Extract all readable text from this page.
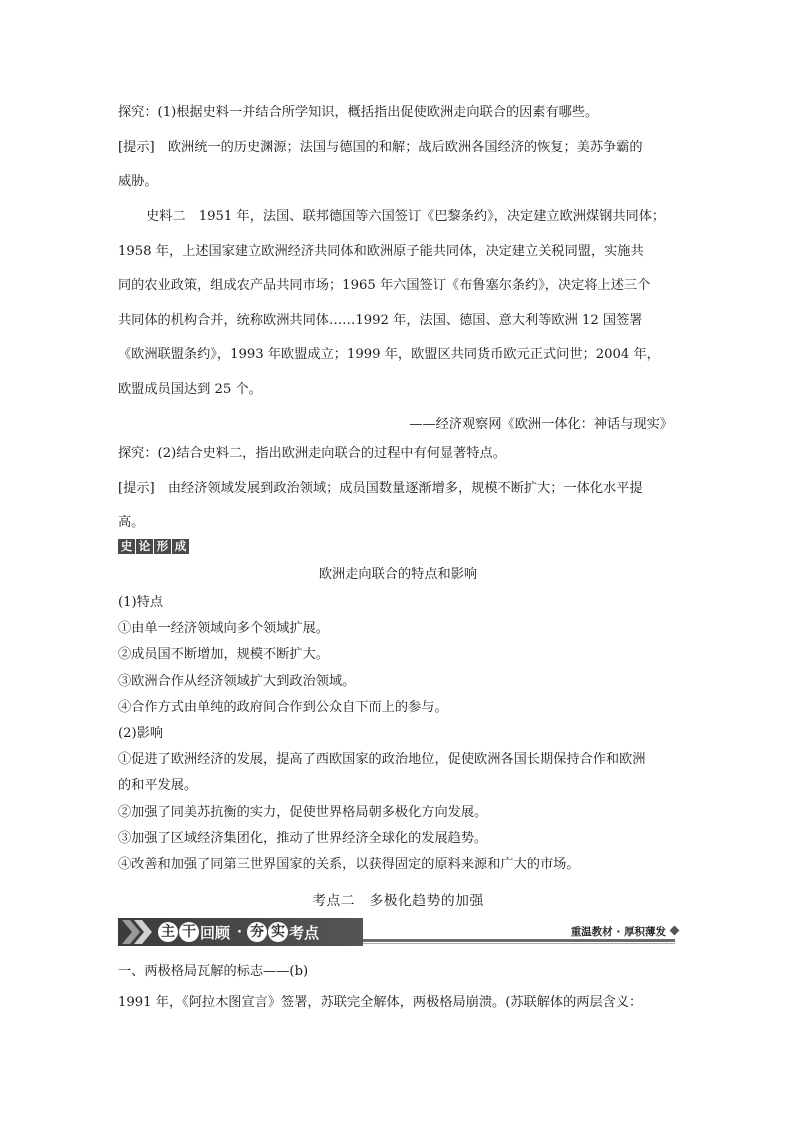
探究：(1)根据史料一并结合所学知识，概括指出促使欧洲走向联合的因素有哪些。

[提示]　欧洲统一的历史渊源；法国与德国的和解；战后欧洲各国经济的恢复；美苏争霸的

威胁。

史料二　1951 年，法国、联邦德国等六国签订《巴黎条约》，决定建立欧洲煤钢共同体；

1958 年，上述国家建立欧洲经济共同体和欧洲原子能共同体，决定建立关税同盟，实施共

同的农业政策，组成农产品共同市场；1965 年六国签订《布鲁塞尔条约》，决定将上述三个

共同体的机构合并，统称欧洲共同体……1992 年，法国、德国、意大利等欧洲 12 国签署

《欧洲联盟条约》，1993 年欧盟成立；1999 年，欧盟区共同货币欧元正式问世；2004 年，

欧盟成员国达到 25 个。

——经济观察网《欧洲一体化：神话与现实》

探究：(2)结合史料二，指出欧洲走向联合的过程中有何显著特点。

[提示]　由经济领域发展到政治领域；成员国数量逐渐增多，规模不断扩大；一体化水平提

高。

史 论 形 成

欧洲走向联合的特点和影响

(1)特点

①由单一经济领域向多个领域扩展。

②成员国不断增加，规模不断扩大。

③欧洲合作从经济领域扩大到政治领域。

④合作方式由单纯的政府间合作到公众自下而上的参与。

(2)影响

①促进了欧洲经济的发展，提高了西欧国家的政治地位，促使欧洲各国长期保持合作和欧洲

的和平发展。

②加强了同美苏抗衡的实力，促使世界格局朝多极化方向发展。

③加强了区域经济集团化，推动了世界经济全球化的发展趋势。

④改善和加强了同第三世界国家的关系，以获得固定的原料来源和广大的市场。

考点二　多极化趋势的加强

主 干 回顾 · 夯 实 考点	重温教材 · 厚积薄发

一、两极格局瓦解的标志——(b)

1991 年，《阿拉木图宣言》签署，苏联完全解体，两极格局崩溃。(苏联解体的两层含义：
